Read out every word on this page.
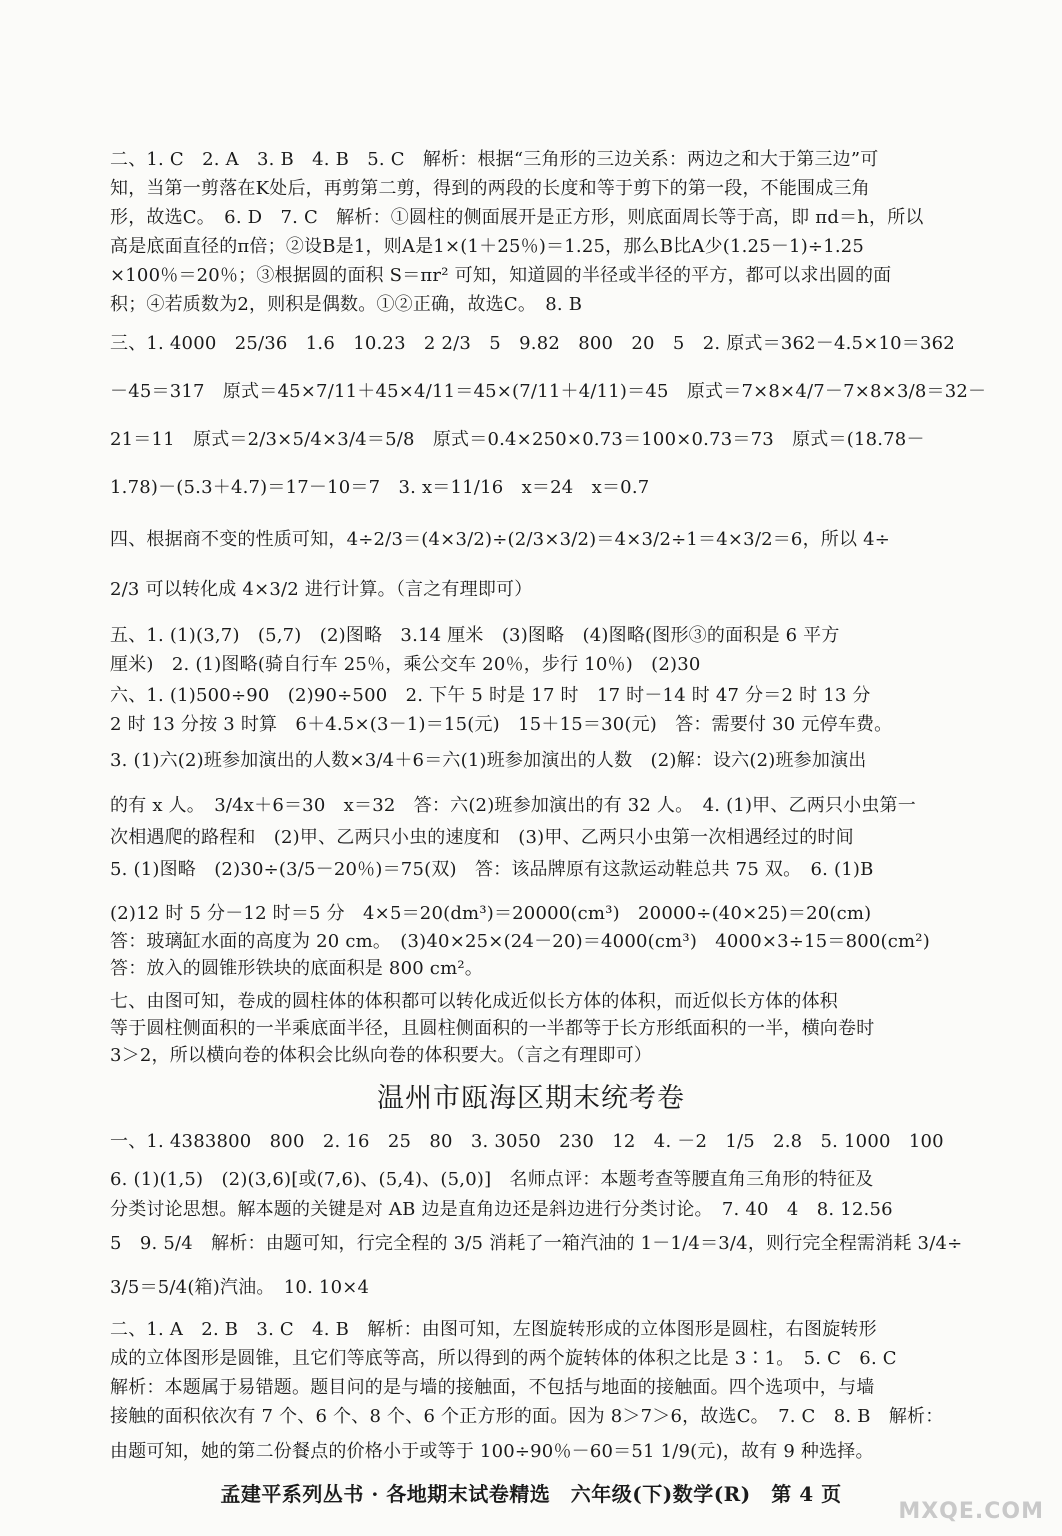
二、1. C　2. A　3. B　4. B　5. C　解析：根据“三角形的三边关系：两边之和大于第三边”可
知，当第一剪落在K处后，再剪第二剪，得到的两段的长度和等于剪下的第一段，不能围成三角
形，故选C。　6. D　7. C　解析：①圆柱的侧面展开是正方形，则底面周长等于高，即 πd＝h，所以
高是底面直径的π倍；②设B是1，则A是1×(1＋25％)＝1.25，那么B比A少(1.25－1)÷1.25
×100％＝20％；③根据圆的面积 S＝πr² 可知，知道圆的半径或半径的平方，都可以求出圆的面
积；④若质数为2，则积是偶数。①②正确，故选C。　8. B
三、1. 4000　25/36　1.6　10.23　2 2/3　5　9.82　800　20　5　2. 原式＝362－4.5×10＝362
－45＝317　原式＝45×7/11＋45×4/11＝45×(7/11＋4/11)＝45　原式＝7×8×4/7－7×8×3/8＝32－
21＝11　原式＝2/3×5/4×3/4＝5/8　原式＝0.4×250×0.73＝100×0.73＝73　原式＝(18.78－
1.78)－(5.3＋4.7)＝17－10＝7　3. x＝11/16　x＝24　x＝0.7
四、根据商不变的性质可知，4÷2/3＝(4×3/2)÷(2/3×3/2)＝4×3/2÷1＝4×3/2＝6，所以 4÷
2/3 可以转化成 4×3/2 进行计算。（言之有理即可）
五、1. (1)(3,7)　(5,7)　(2)图略　3.14 厘米　(3)图略　(4)图略(图形③的面积是 6 平方
厘米)　2. (1)图略(骑自行车 25％，乘公交车 20％，步行 10％)　(2)30
六、1. (1)500÷90　(2)90÷500　2. 下午 5 时是 17 时　17 时－14 时 47 分＝2 时 13 分
2 时 13 分按 3 时算　6＋4.5×(3－1)＝15(元)　15＋15＝30(元)　答：需要付 30 元停车费。
3. (1)六(2)班参加演出的人数×3/4＋6＝六(1)班参加演出的人数　(2)解：设六(2)班参加演出
的有 x 人。　3/4x＋6＝30　x＝32　答：六(2)班参加演出的有 32 人。　4. (1)甲、乙两只小虫第一
次相遇爬的路程和　(2)甲、乙两只小虫的速度和　(3)甲、乙两只小虫第一次相遇经过的时间
5. (1)图略　(2)30÷(3/5－20％)＝75(双)　答：该品牌原有这款运动鞋总共 75 双。　6. (1)B
(2)12 时 5 分－12 时＝5 分　4×5＝20(dm³)＝20000(cm³)　20000÷(40×25)＝20(cm)
答：玻璃缸水面的高度为 20 cm。　(3)40×25×(24－20)＝4000(cm³)　4000×3÷15＝800(cm²)
答：放入的圆锥形铁块的底面积是 800 cm²。
七、由图可知，卷成的圆柱体的体积都可以转化成近似长方体的体积，而近似长方体的体积
等于圆柱侧面积的一半乘底面半径，且圆柱侧面积的一半都等于长方形纸面积的一半，横向卷时
温州市瓯海区期末统考卷
3＞2，所以横向卷的体积会比纵向卷的体积要大。（言之有理即可）
一、1. 4383800　800　2. 16　25　80　3. 3050　230　12　4. －2　1/5　2.8　5. 1000　100
6. (1)(1,5)　(2)(3,6)[或(7,6)、(5,4)、(5,0)]　名师点评：本题考查等腰直角三角形的特征及
分类讨论思想。解本题的关键是对 AB 边是直角边还是斜边进行分类讨论。　7. 40　4　8. 12.56
5　9. 5/4　解析：由题可知，行完全程的 3/5 消耗了一箱汽油的 1－1/4＝3/4，则行完全程需消耗 3/4÷
3/5＝5/4(箱)汽油。　10. 10×4
二、1. A　2. B　3. C　4. B　解析：由图可知，左图旋转形成的立体图形是圆柱，右图旋转形
成的立体图形是圆锥，且它们等底等高，所以得到的两个旋转体的体积之比是 3∶1。　5. C　6. C
解析：本题属于易错题。题目问的是与墙的接触面，不包括与地面的接触面。四个选项中，与墙
接触的面积依次有 7 个、6 个、8 个、6 个正方形的面。因为 8＞7＞6，故选C。　7. C　8. B　解析：
由题可知，她的第二份餐点的价格小于或等于 100÷90％－60＝51 1/9(元)，故有 9 种选择。
孟建平系列丛书 · 各地期末试卷精选　六年级(下)数学(R)　第 4 页
MXQE.COM
